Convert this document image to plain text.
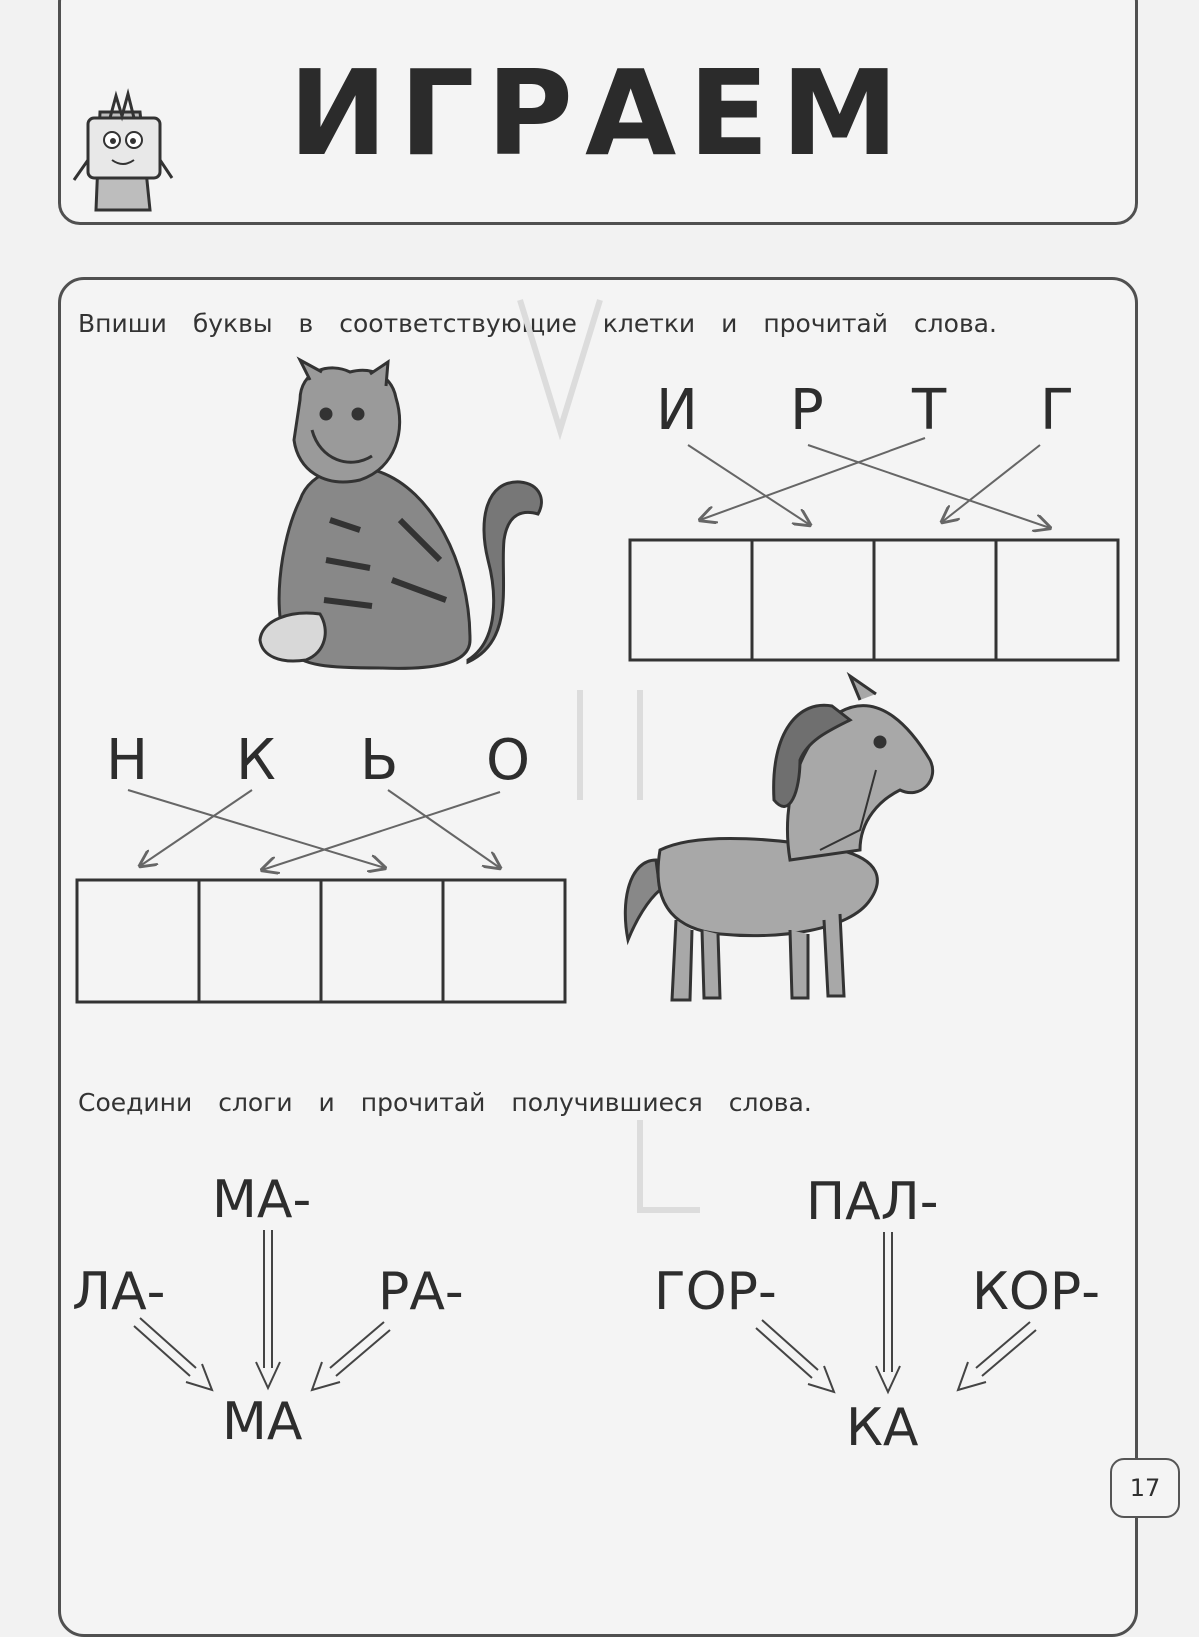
ИГРАЕМ
Впиши буквы в соответствующие клетки и прочитай слова.
И Р Т Г
Н К Ь О
Соедини слоги и прочитай получившиеся слова.
МА-
ЛА-	РА-
МА
ПАЛ-
ГОР-	КОР-
КА
17
